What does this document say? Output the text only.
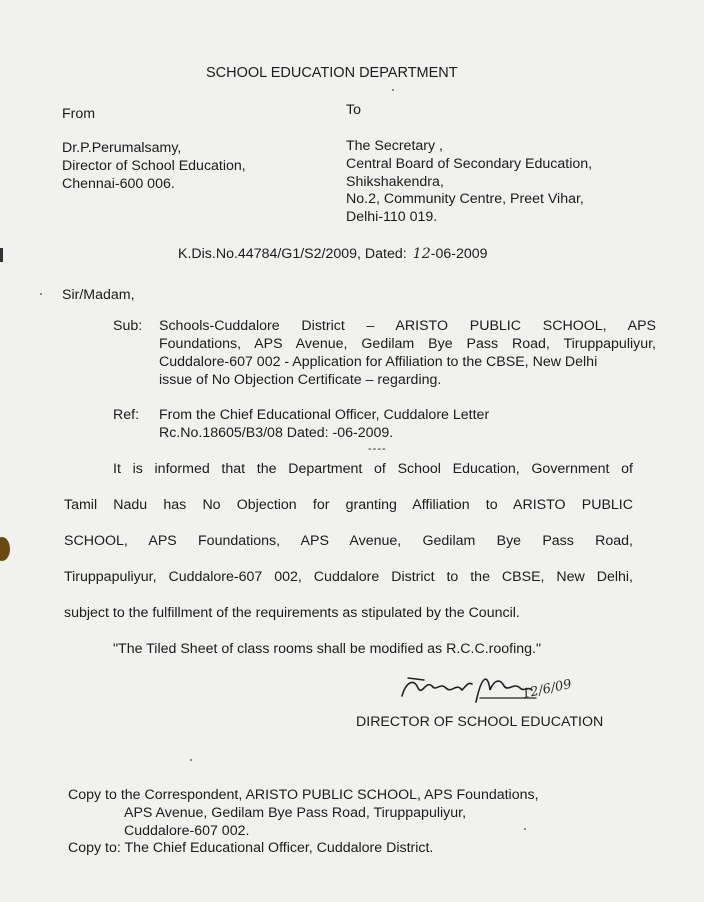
SCHOOL EDUCATION DEPARTMENT
From	To
Dr.P.Perumalsamy,
Director of School Education,
Chennai-600 006.
The Secretary ,
Central Board of Secondary Education,
Shikshakendra,
No.2, Community Centre, Preet Vihar,
Delhi-110 019.
K.Dis.No.44784/G1/S2/2009, Dated: 12-06-2009
Sir/Madam,
Sub: Schools-Cuddalore District – ARISTO PUBLIC SCHOOL, APS
Foundations, APS Avenue, Gedilam Bye Pass Road, Tiruppapuliyur,
Cuddalore-607 002 - Application for Affiliation to the CBSE, New Delhi
issue of No Objection Certificate – regarding.
Ref: From the Chief Educational Officer, Cuddalore Letter
Rc.No.18605/B3/08 Dated: -06-2009.
----
It is informed that the Department of School Education, Government of
Tamil Nadu has No Objection for granting Affiliation to ARISTO PUBLIC
SCHOOL, APS Foundations, APS Avenue, Gedilam Bye Pass Road,
Tiruppapuliyur, Cuddalore-607 002, Cuddalore District to the CBSE, New Delhi,
subject to the fulfillment of the requirements as stipulated by the Council.
"The Tiled Sheet of class rooms shall be modified as R.C.C.roofing."
12/6/09
DIRECTOR OF SCHOOL EDUCATION
Copy to the Correspondent, ARISTO PUBLIC SCHOOL, APS Foundations,
APS Avenue, Gedilam Bye Pass Road, Tiruppapuliyur,
Cuddalore-607 002.
Copy to: The Chief Educational Officer, Cuddalore District.
